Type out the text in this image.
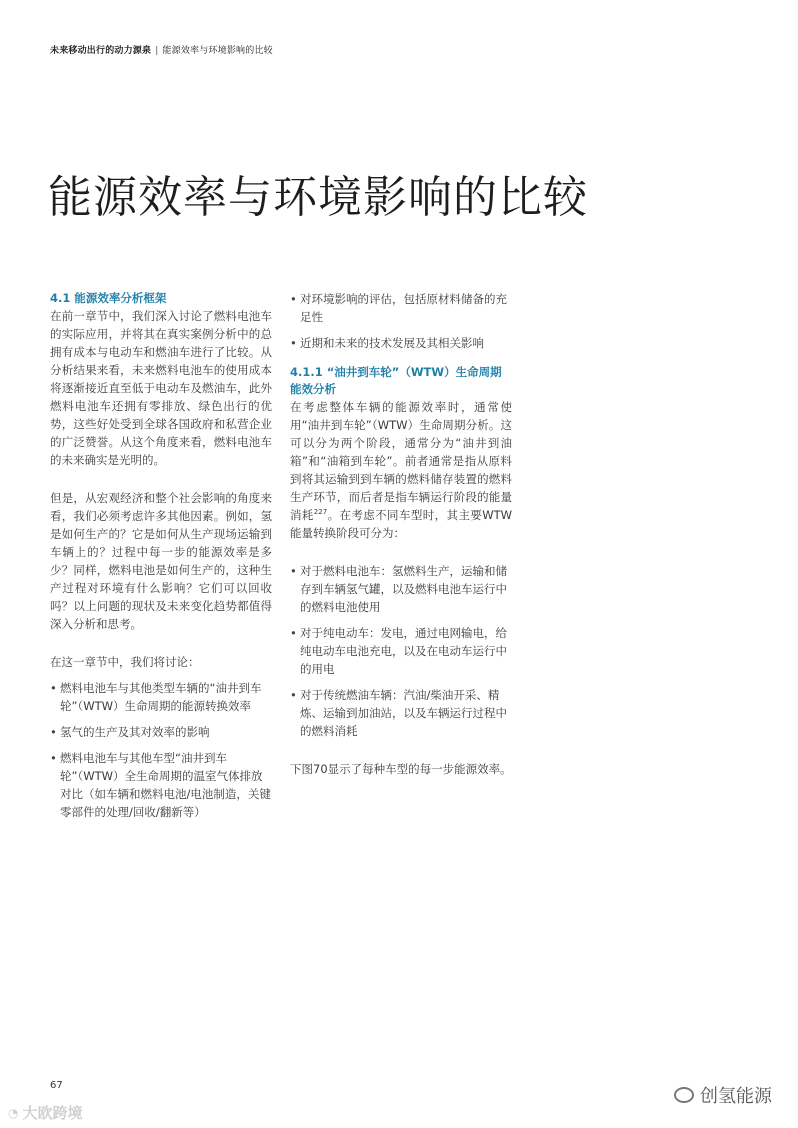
未来移动出行的动力源泉 | 能源效率与环境影响的比较
能源效率与环境影响的比较

4.1 能源效率分析框架

在前一章节中，我们深入讨论了燃料电池车的实际应用，并将其在真实案例分析中的总拥有成本与电动车和燃油车进行了比较。从分析结果来看，未来燃料电池车的使用成本将逐渐接近直至低于电动车及燃油车，此外燃料电池车还拥有零排放、绿色出行的优势，这些好处受到全球各国政府和私营企业的广泛赞誉。从这个角度来看，燃料电池车的未来确实是光明的。

但是，从宏观经济和整个社会影响的角度来看，我们必须考虑许多其他因素。例如，氢是如何生产的？它是如何从生产现场运输到车辆上的？过程中每一步的能源效率是多少？同样，燃料电池是如何生产的，这种生产过程对环境有什么影响？它们可以回收吗？以上问题的现状及未来变化趋势都值得深入分析和思考。

在这一章节中，我们将讨论：

• 燃料电池车与其他类型车辆的“油井到车轮”（WTW）生命周期的能源转换效率
• 氢气的生产及其对效率的影响
• 燃料电池车与其他车型“油井到车轮”（WTW）全生命周期的温室气体排放对比（如车辆和燃料电池/电池制造，关键零部件的处理/回收/翻新等）
• 对环境影响的评估，包括原材料储备的充足性
• 近期和未来的技术发展及其相关影响

4.1.1 “油井到车轮”（WTW）生命周期能效分析

在考虑整体车辆的能源效率时，通常使用“油井到车轮”（WTW）生命周期分析。这可以分为两个阶段，通常分为“油井到油箱”和“油箱到车轮”。前者通常是指从原料到将其运输到到车辆的燃料储存装置的燃料生产环节，而后者是指车辆运行阶段的能量消耗$^{227}$。在考虑不同车型时，其主要WTW能量转换阶段可分为：

• 对于燃料电池车：氢燃料生产，运输和储存到车辆氢气罐，以及燃料电池车运行中的燃料电池使用
• 对于纯电动车：发电，通过电网输电，给纯电动车电池充电，以及在电动车运行中的用电
• 对于传统燃油车辆：汽油/柴油开采、精炼、运输到加油站，以及车辆运行过程中的燃料消耗

下图70显示了每种车型的每一步能源效率。

67
创氢能源
◔ 大欧跨境
